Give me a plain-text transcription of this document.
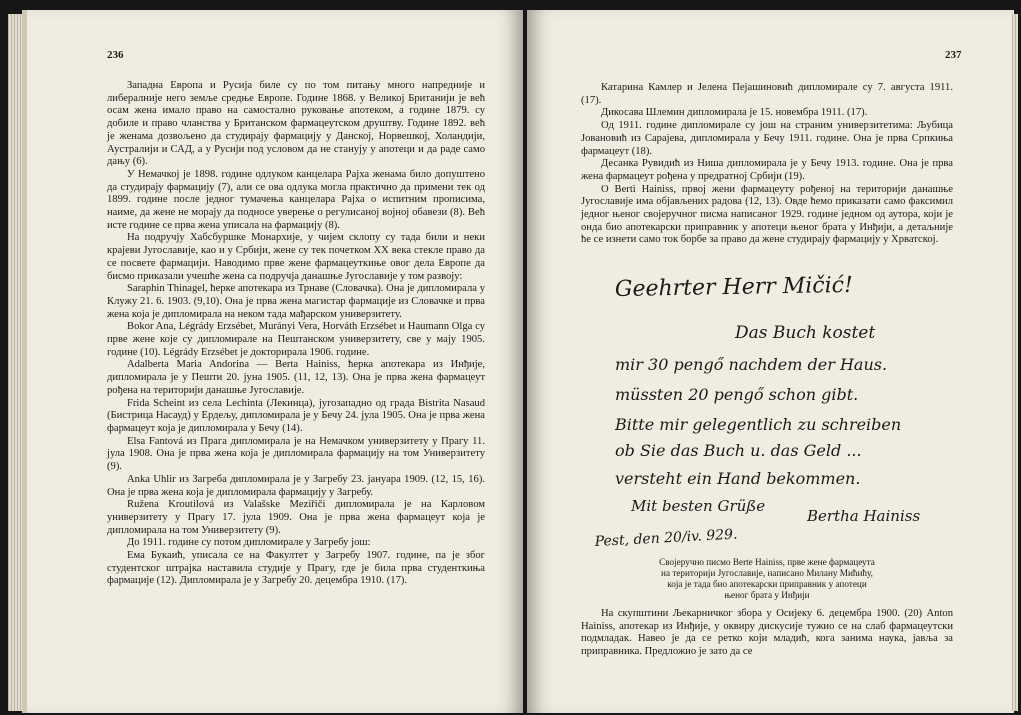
236

Западна Европа и Русија биле су по том питању много напредније и либералније него земље средње Европе. Године 1868. у Великој Британији је већ осам жена имало право на самостално руковање апотеком, а године 1879. су добиле и право чланства у Британском фармацеутском друштву. Године 1892. већ је женама дозвољено да студирају фармацију у Данској, Норвешкој, Холандији, Аустралији и САД, а у Русији под условом да не станују у апотеци и да раде само дању (6).

У Немачкој је 1898. године одлуком канцелара Рајха женама било допуштено да студирају фармацију (7), али се ова одлука могла практично да примени тек од 1899. године после једног тумачења канцелара Рајха о испитним прописима, наиме, да жене не морају да подносе уверење о регулисаној војној обавези (8). Већ исте године се прва жена уписала на фармацију (8).

На подручју Хабсбуршке Монархије, у чијем склопу су тада били и неки крајеви Југославије, као и у Србији, жене су тек почетком XX века стекле право да се посвете фармацији. Наводимо прве жене фармацеуткиње овог дела Европе да бисмо приказали учешће жена са подручја данашње Југославије у том развоју:

Saraphin Thinagel, ћерке апотекара из Трнаве (Словачка). Она је дипломирала у Клужу 21. 6. 1903. (9,10). Она је прва жена магистар фармације из Словачке и прва жена која је дипломирала на неком тада мађарском универзитету.

Bokor Ana, Légrády Erzsébet, Murányi Vera, Horváth Erzsébet и Haumann Olga су прве жене које су дипломирале на Пештанском универзитету, све у мају 1905. године (10). Légrády Erzsébet је докторирала 1906. године.

Adalberta Maria Andorina — Berta Hainiss, ћерка апотекара из Инђије, дипломирала је у Пешти 20. јуна 1905. (11, 12, 13). Она је прва жена фармацеут рођена на територији данашње Југославије.

Frida Scheint из села Lechinta (Лекинца), југозападно од града Bistrita Nasaud (Бистрица Насауд) у Ердељу, дипломирала је у Бечу 24. јула 1905. Она је прва жена фармацеут која је дипломирала у Бечу (14).

Elsa Fantová из Прага дипломирала је на Немачком универзитету у Прагу 11. јула 1908. Она је прва жена која је дипломирала фармацију на том Универзитету (9).

Anka Uhlir из Загреба дипломирала је у Загребу 23. јануара 1909. (12, 15, 16). Она је прва жена која је дипломирала фармацију у Загребу.

Ružena Kroutilová из Valašske Meziřiči дипломирала је на Карловом универзитету у Прагу 17. јула 1909. Она је прва жена фармацеут која је дипломирала на том Универзитету (9).

До 1911. године су потом дипломирале у Загребу још:

Ема Букаић, уписала се на Факултет у Загребу 1907. године, па је због студентског штрајка наставила студије у Прагу, где је била прва студенткиња фармације (12). Дипломирала је у Загребу 20. децембра 1910. (17).

237

Катарина Камлер и Јелена Пејашиновић дипломирале су 7. августа 1911. (17).

Дикосава Шлемин дипломирала је 15. новембра 1911. (17).

Од 1911. године дипломирале су још на страним универзитетима: Љубица Јовановић из Сарајева, дипломирала у Бечу 1911. године. Она је прва Српкиња фармацеут (18).

Десанка Рувидић из Ниша дипломирала је у Бечу 1913. године. Она је прва жена фармацеут рођена у предратној Србији (19).

О Berti Hainiss, првој жени фармацеуту рођеној на територији данашње Југославије има објављених радова (12, 13). Овде ћемо приказати само факсимил једног њеног својеручног писма написаног 1929. године једном од аутора, који је онда био апотекарски приправник у апотеци њеног брата у Инђији, а детаљније ће се изнети само ток борбе за право да жене студирају фармацију у Хрватској.

Geehrter Herr Mičić!
Das Buch kostet
mir 30 pengő nachdem der Haus.
müssten 20 pengő schon gibt.
Bitte mir gelegentlich zu schreiben
ob Sie das Buch u. das Geld ...
versteht ein Hand bekommen.
Mit besten Grüße
Bertha Hainiss
Pest, den 20/iv. 929.

Својеручно писмо Berte Hainiss, прве жене фармацеута

на територији Југославије, написано Милану Мићићу,

која је тада био апотекарски приправник у апотеци

њеног брата у Инђији

На скупштини Љекарничког збора у Осијеку 6. децембра 1900. (20) Anton Hainiss, апотекар из Инђије, у оквиру дискусије тужио се на слаб фармацеутски подмладак. Навео је да се ретко који младић, кога занима наука, јавља за приправника. Предложио је зато да се
